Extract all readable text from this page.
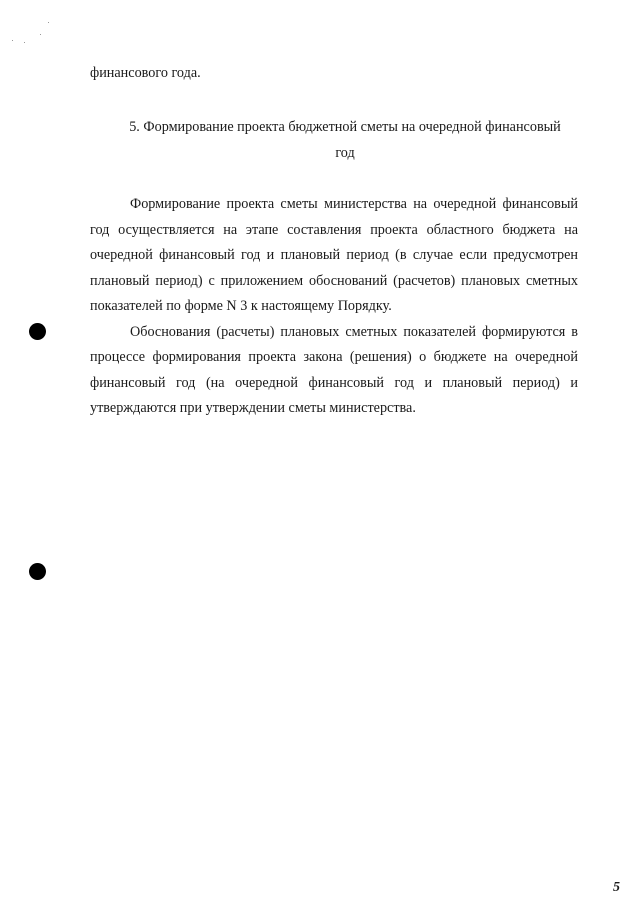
финансового года.
5. Формирование проекта бюджетной сметы на очередной финансовый
год

Формирование проекта сметы министерства на очередной финансовый год осуществляется на этапе составления проекта областного бюджета на очередной финансовый год и плановый период (в случае если предусмотрен плановый период) с приложением обоснований (расчетов) плановых сметных показателей по форме N 3 к настоящему Порядку.

Обоснования (расчеты) плановых сметных показателей формируются в процессе формирования проекта закона (решения) о бюджете на очередной финансовый год (на очередной финансовый год и плановый период) и утверждаются при утверждении сметы министерства.

5
